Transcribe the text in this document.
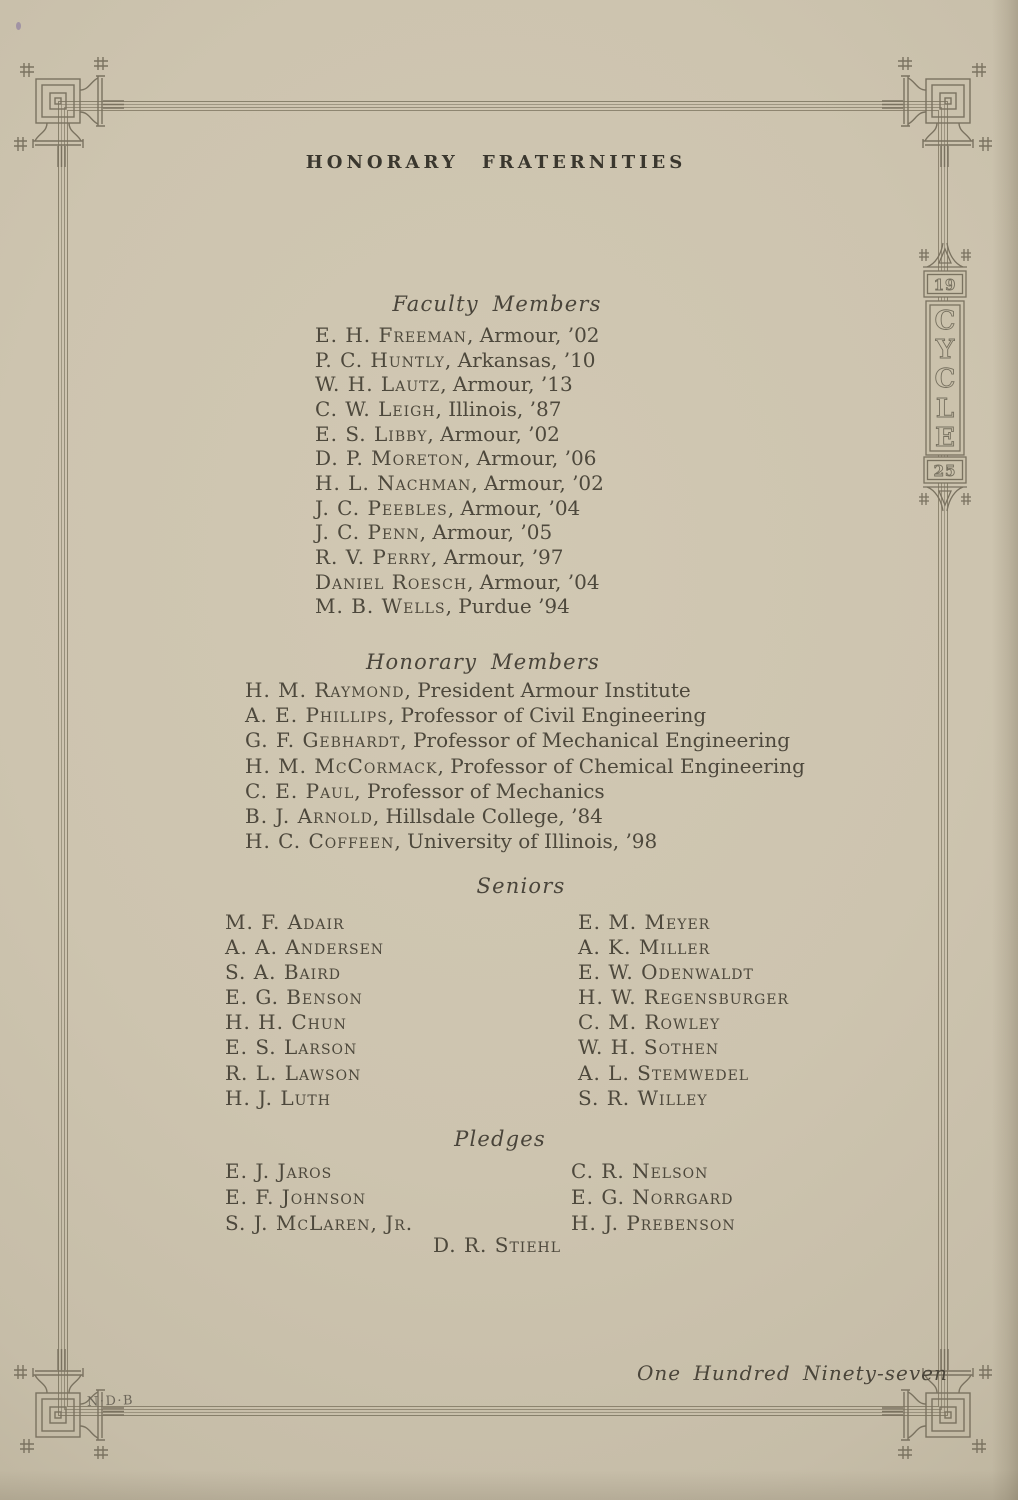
19
C
Y
C
L
E
25
HONORARY FRATERNITIES
Faculty Members
E. H. Freeman, Armour, ’02
P. C. Huntly, Arkansas, ’10
W. H. Lautz, Armour, ’13
C. W. Leigh, Illinois, ’87
E. S. Libby, Armour, ’02
D. P. Moreton, Armour, ’06
H. L. Nachman, Armour, ’02
J. C. Peebles, Armour, ’04
J. C. Penn, Armour, ’05
R. V. Perry, Armour, ’97
Daniel Roesch, Armour, ’04
M. B. Wells, Purdue ’94
Honorary Members
H. M. Raymond, President Armour Institute
A. E. Phillips, Professor of Civil Engineering
G. F. Gebhardt, Professor of Mechanical Engineering
H. M. McCormack, Professor of Chemical Engineering
C. E. Paul, Professor of Mechanics
B. J. Arnold, Hillsdale College, ’84
H. C. Coffeen, University of Illinois, ’98
Seniors
M. F. Adair
A. A. Andersen
S. A. Baird
E. G. Benson
H. H. Chun
E. S. Larson
R. L. Lawson
H. J. Luth
E. M. Meyer
A. K. Miller
E. W. Odenwaldt
H. W. Regensburger
C. M. Rowley
W. H. Sothen
A. L. Stemwedel
S. R. Willey
Pledges
E. J. Jaros
E. F. Johnson
S. J. McLaren, Jr.
C. R. Nelson
E. G. Norrgard
H. J. Prebenson
D. R. Stiehl
One Hundred Ninety-seven
N·D·B
